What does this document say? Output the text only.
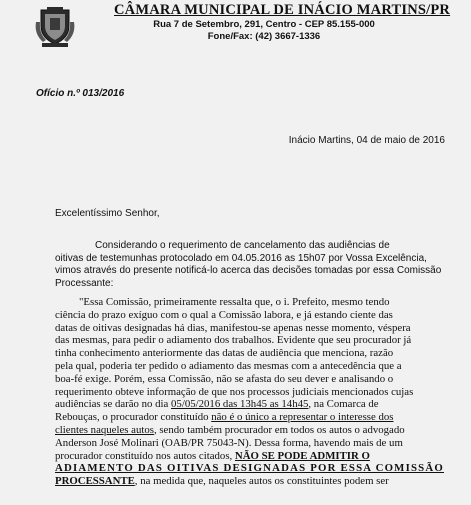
CÂMARA MUNICIPAL DE INÁCIO MARTINS/PR
Rua 7 de Setembro, 291, Centro - CEP 85.155-000
Fone/Fax: (42) 3667-1336
Ofício n.º 013/2016
Inácio Martins, 04 de maio de 2016
Excelentíssimo Senhor,
Considerando o requerimento de cancelamento das audiências de
oitivas de testemunhas protocolado em 04.05.2016 as 15h07 por Vossa Excelência,
vimos através do presente notificá-lo acerca das decisões tomadas por essa Comissão
Processante:
"Essa Comissão, primeiramente ressalta que, o i. Prefeito, mesmo tendo
ciência do prazo exíguo com o qual a Comissão labora, e já estando ciente das
datas de oitivas designadas há dias, manifestou-se apenas nesse momento, véspera
das mesmas, para pedir o adiamento dos trabalhos. Evidente que seu procurador já
tinha conhecimento anteriormente das datas de audiência que menciona, razão
pela qual, poderia ter pedido o adiamento das mesmas com a antecedência que a
boa-fé exige. Porém, essa Comissão, não se afasta do seu dever e analisando o
requerimento obteve informação de que nos processos judiciais mencionados cujas
audiências se darão no dia 05/05/2016 das 13h45 as 14h45, na Comarca de
Rebouças, o procurador constituído não é o único a representar o interesse dos
clientes naqueles autos, sendo também procurador em todos os autos o advogado
Anderson José Molinari (OAB/PR 75043-N). Dessa forma, havendo mais de um
procurador constituído nos autos citados, NÃO SE PODE ADMITIR O
ADIAMENTO DAS OITIVAS DESIGNADAS POR ESSA COMISSÃO
PROCESSANTE, na medida que, naqueles autos os constituintes podem ser
